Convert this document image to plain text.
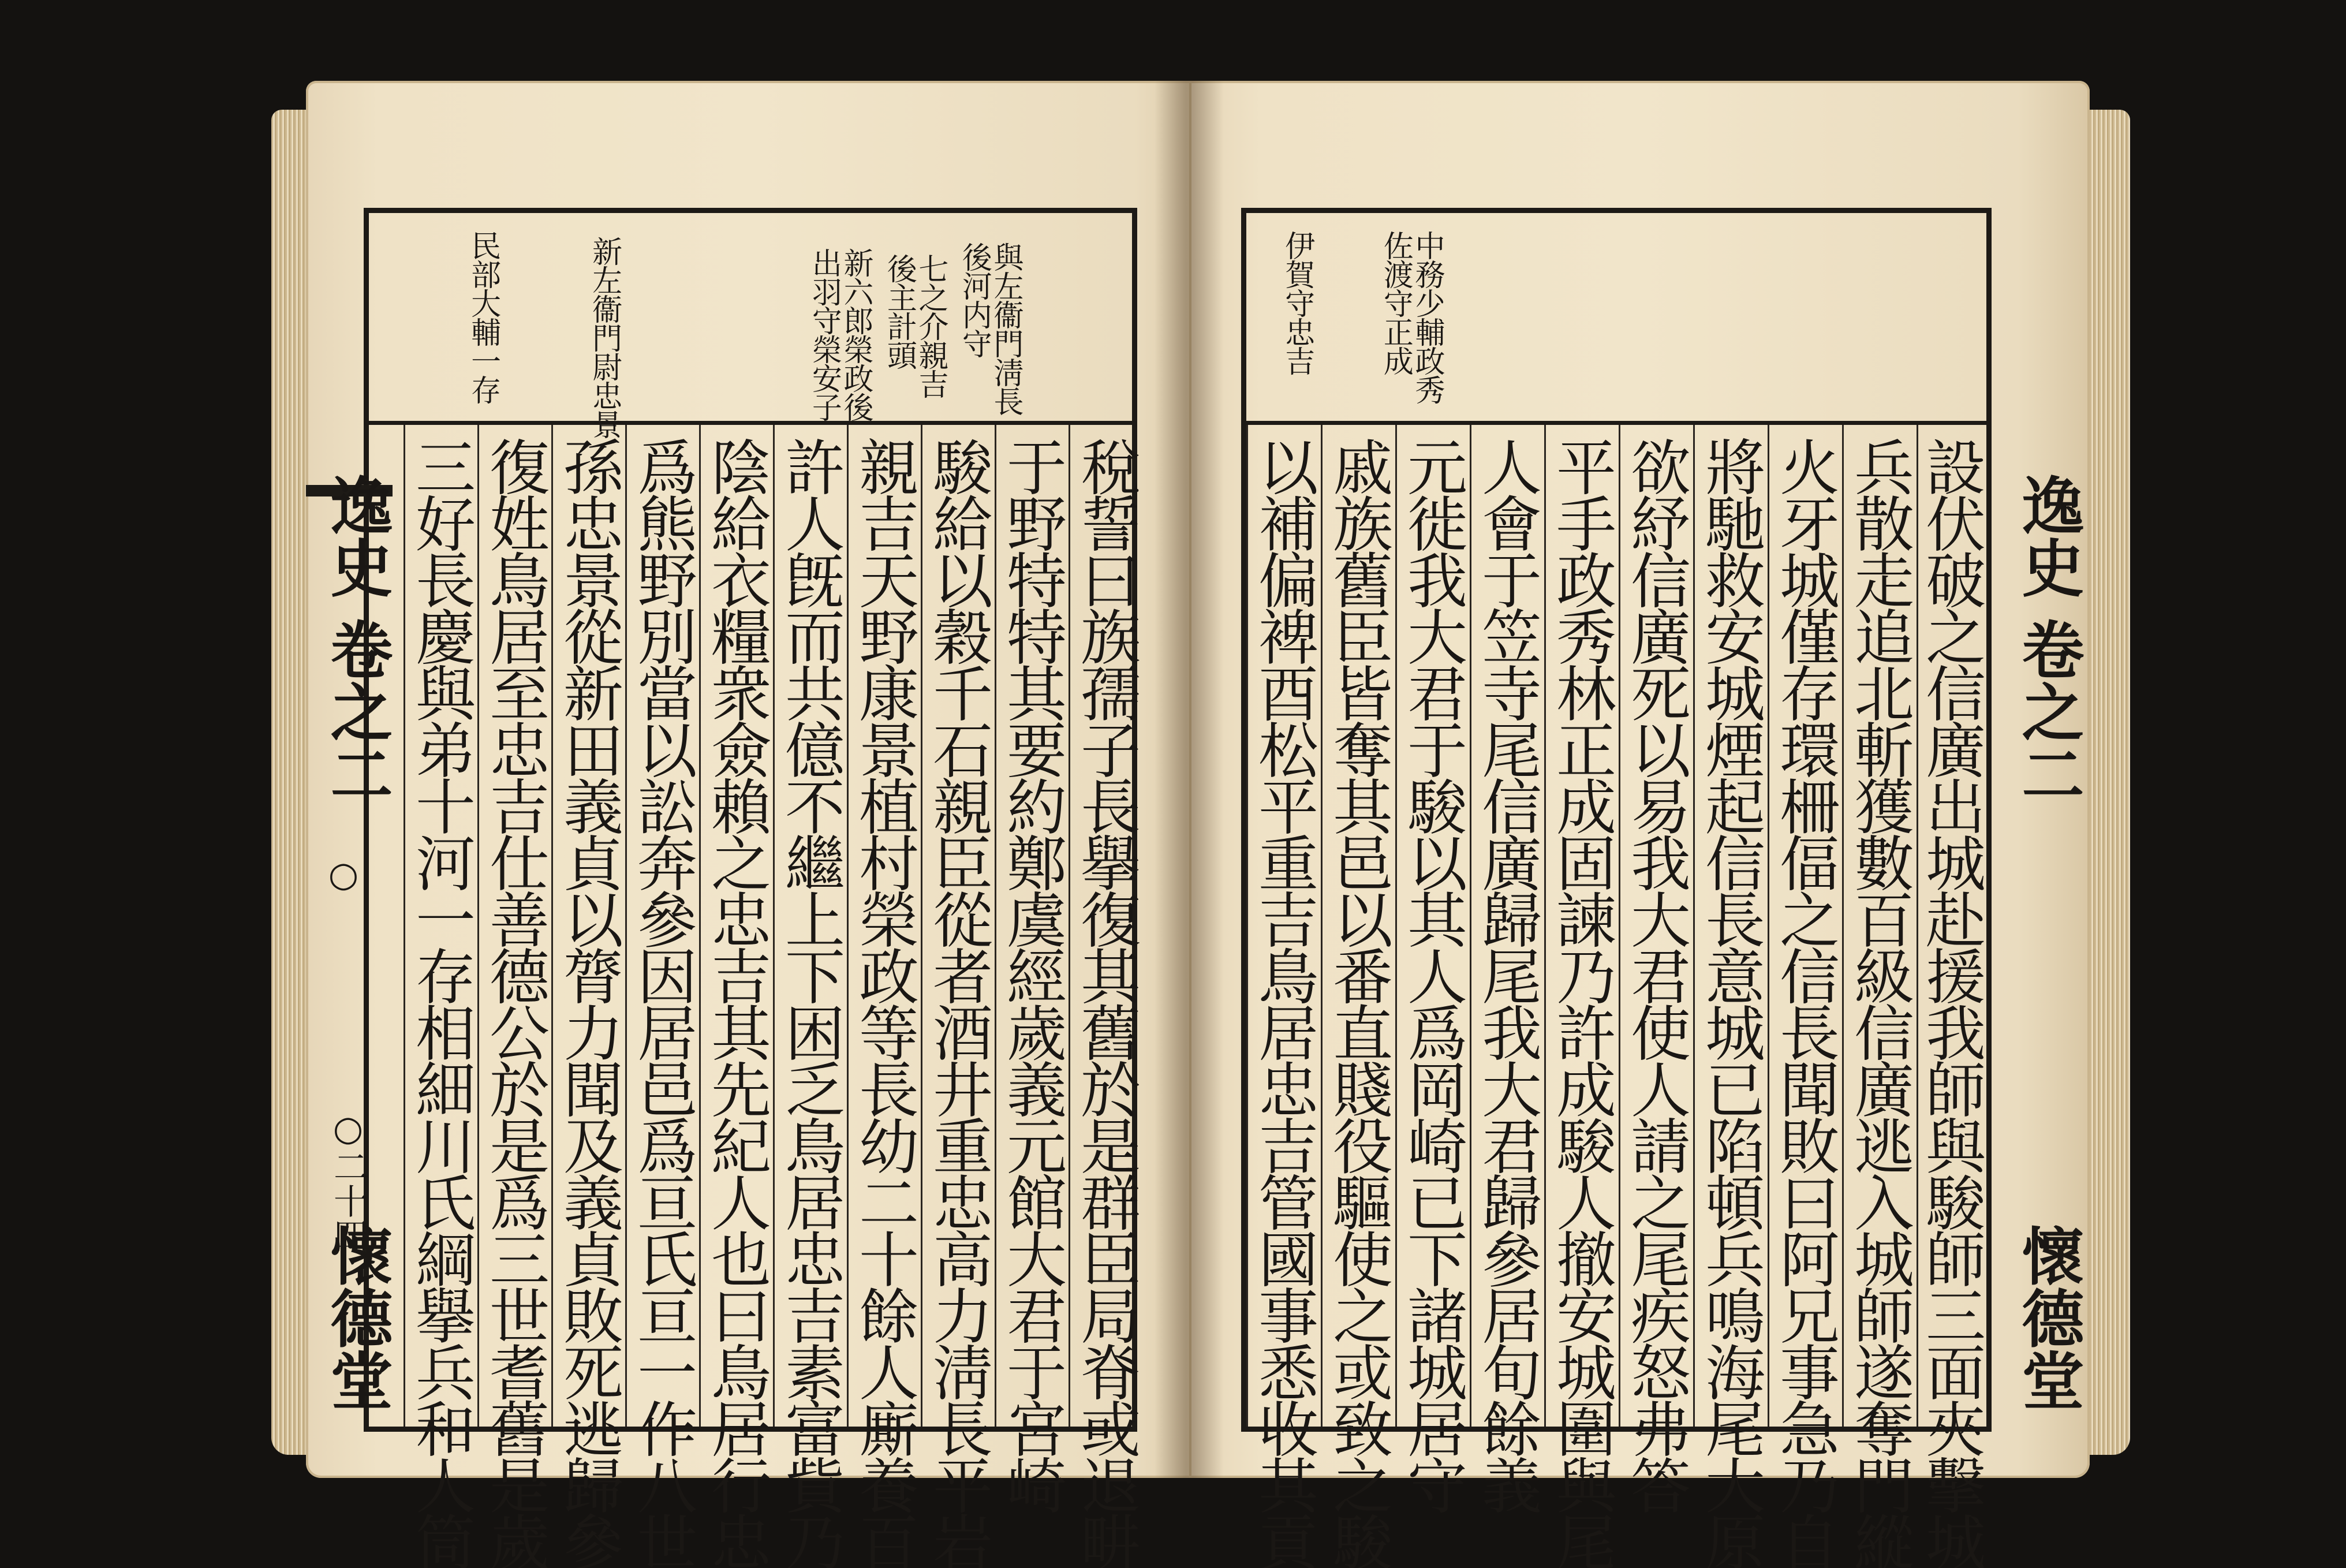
民部大輔一存	新左衞門尉忠景	新六郎榮政後出羽守榮安子	七之介親吉後主計頭	與左衞門淸長後河内守
三好長慶與弟十河一存相細川氏綱擧兵和人筒 復姓鳥居至忠吉仕善德公於是爲三世耆舊是歲 孫忠景從新田義貞以膂力聞及義貞敗死逃歸參 爲熊野別當以訟奔參因居邑爲亘氏亘一作八世 陰給衣糧衆僉賴之忠吉其先紀人也曰鳥居行忠 許人旣而共億不繼上下困乏鳥居忠吉素富貲乃 親吉天野康景植村榮政等長幼二十餘人廝養百 駿給以穀千石親臣從者酒井重忠高力淸長平岩 于野特特其要約鄭虞經歲義元館大君于宮崎 稅誓曰族孺子長擧復其舊於是群臣局脊或退畊
逸史
卷之二
○
○二十四
懷德堂
伊賀守忠吉	中務少輔政秀佐渡守正成
以補偏裨酉松平重吉鳥居忠吉管國事悉收其貢 戚族舊臣皆奪其邑以番直賤役驅使之或致之駿 元徙我大君于駿以其人爲岡崎已下諸城居守 人會于笠寺尾信廣歸尾我大君歸參居旬餘義 平手政秀林正成固諫乃許成駿人撤安城圍與尾 欲紓信廣死以易我大君使人請之尾疾怒弗答 將馳救安城煙起信長意城已陷頓兵鳴海尾大原 火牙城僅存環柵偪之信長聞敗曰阿兄事急乃自 兵散走追北斬獲數百級信廣逃入城師遂奪門縱 設伏破之信廣出城赴援我師與駿師三面夾擊城 逸史
卷之二
懷德堂
